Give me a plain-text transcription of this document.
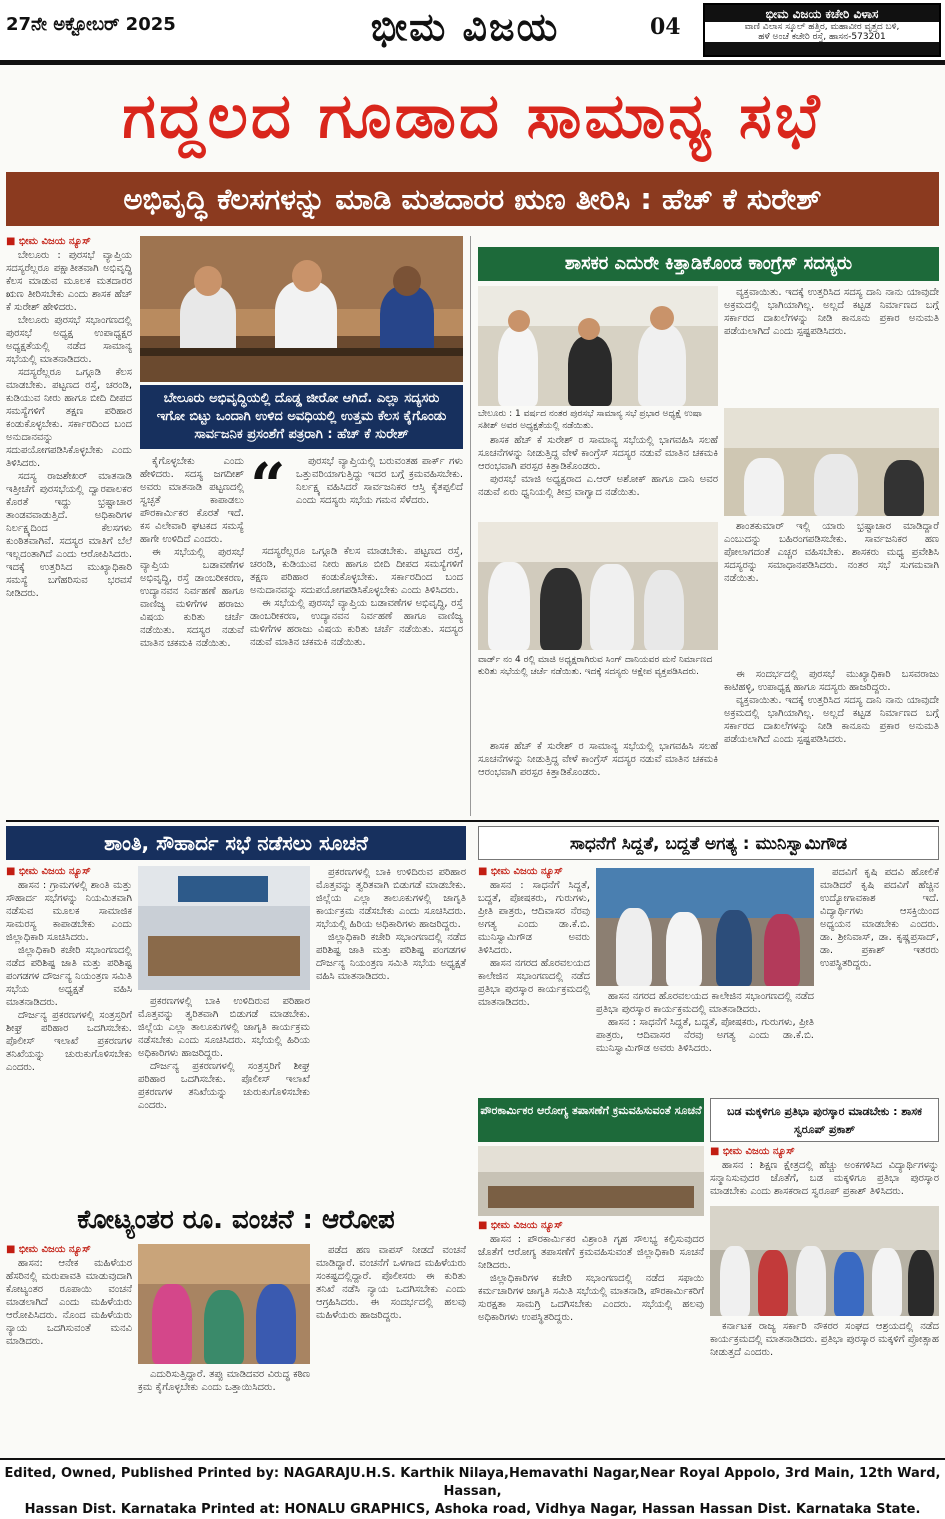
27ನೇ ಅಕ್ಟೋಬರ್ 2025	ಭೀಮ ವಿಜಯ	04	ಭೀಮ ವಿಜಯ ಕಚೇರಿ ವಿಳಾಸ
ವಾಣಿ ವಿಲಾಸ ಸ್ಕೂಲ್ ಹತ್ತಿರ, ಮಹಾವೀರ ವೃತ್ತದ ಬಳಿ,
ಹಳೆ ಅಂಚೆ ಕಚೇರಿ ರಸ್ತೆ, ಹಾಸನ-573201
ಗದ್ದಲದ ಗೂಡಾದ ಸಾಮಾನ್ಯ ಸಭೆ
ಅಭಿವೃದ್ಧಿ ಕೆಲಸಗಳನ್ನು ಮಾಡಿ ಮತದಾರರ ಋಣ ತೀರಿಸಿ : ಹೆಚ್ ಕೆ ಸುರೇಶ್
■ ಭೀಮ ವಿಜಯ ನ್ಯೂಸ್

ಬೇಲೂರು : ಪುರಸಭೆ ವ್ಯಾಪ್ತಿಯ ಸದಸ್ಯರೆಲ್ಲರೂ ಪಕ್ಷಾತೀತವಾಗಿ ಅಭಿವೃದ್ಧಿ ಕೆಲಸ ಮಾಡುವ ಮೂಲಕ ಮತದಾರರ ಋಣ ತೀರಿಸಬೇಕು ಎಂದು ಶಾಸಕ ಹೆಚ್ ಕೆ ಸುರೇಶ್ ಹೇಳಿದರು.

ಬೇಲೂರು ಪುರಸಭೆ ಸಭಾಂಗಣದಲ್ಲಿ ಪುರಸಭೆ ಅಧ್ಯಕ್ಷ ಉಪಾಧ್ಯಕ್ಷರ ಅಧ್ಯಕ್ಷತೆಯಲ್ಲಿ ನಡೆದ ಸಾಮಾನ್ಯ ಸಭೆಯಲ್ಲಿ ಮಾತನಾಡಿದರು.

ಸದಸ್ಯರೆಲ್ಲರೂ ಒಗ್ಗೂಡಿ ಕೆಲಸ ಮಾಡಬೇಕು. ಪಟ್ಟಣದ ರಸ್ತೆ, ಚರಂಡಿ, ಕುಡಿಯುವ ನೀರು ಹಾಗೂ ಬೀದಿ ದೀಪದ ಸಮಸ್ಯೆಗಳಿಗೆ ತಕ್ಷಣ ಪರಿಹಾರ ಕಂಡುಕೊಳ್ಳಬೇಕು. ಸರ್ಕಾರದಿಂದ ಬಂದ ಅನುದಾನವನ್ನು ಸದುಪಯೋಗಪಡಿಸಿಕೊಳ್ಳಬೇಕು ಎಂದು ತಿಳಿಸಿದರು.

ಸದಸ್ಯ ರಾಜಶೇಖರ್ ಮಾತನಾಡಿ ಇತ್ತೀಚೆಗೆ ಪುರಸಭೆಯಲ್ಲಿ ದ್ವಾರಪಾಲಕರ ಕೊರತೆ ಇದ್ದು ಭ್ರಷ್ಟಾಚಾರ ತಾಂಡವವಾಡುತ್ತಿದೆ. ಅಧಿಕಾರಿಗಳ ನಿರ್ಲಕ್ಷ್ಯದಿಂದ ಕೆಲಸಗಳು ಕುಂಠಿತವಾಗಿವೆ. ಸದಸ್ಯರ ಮಾತಿಗೆ ಬೆಲೆ ಇಲ್ಲದಂತಾಗಿದೆ ಎಂದು ಆರೋಪಿಸಿದರು. ಇದಕ್ಕೆ ಉತ್ತರಿಸಿದ ಮುಖ್ಯಾಧಿಕಾರಿ ಸಮಸ್ಯೆ ಬಗೆಹರಿಸುವ ಭರವಸೆ ನೀಡಿದರು.

ಬೇಲೂರು ಅಭಿವೃದ್ಧಿಯಲ್ಲಿ ದೊಡ್ಡ ಜೀರೋ ಆಗಿದೆ. ಎಲ್ಲಾ ಸದ್ಯಸರು ಇಗೋ ಬಿಟ್ಟು ಒಂದಾಗಿ ಉಳಿದ ಅವಧಿಯಲ್ಲಿ ಉತ್ತಮ ಕೆಲಸ ಕೈಗೊಂಡು ಸಾರ್ವಜನಿಕ ಪ್ರಸಂಶೆಗೆ ಪತ್ರರಾಗಿ : ಹೆಚ್ ಕೆ ಸುರೇಶ್
“	ಪುರಸಭೆ ವ್ಯಾಪ್ತಿಯಲ್ಲಿ ಬರುವಂತಹ ಪಾರ್ಕ್ ಗಳು ಒತ್ತುವರಿಯಾಗುತ್ತಿದ್ದು ಇದರ ಬಗ್ಗೆ ಕ್ರಮವಹಿಸಬೇಕು. ನಿರ್ಲಕ್ಷ್ಯ ವಹಿಸಿದರೆ ಸಾರ್ವಜನಿಕರ ಆಸ್ತಿ ಕೈತಪ್ಪಲಿದೆ ಎಂದು ಸದಸ್ಯರು ಸಭೆಯ ಗಮನ ಸೆಳೆದರು.

ಕೈಗೊಳ್ಳಬೇಕು ಎಂದು ಹೇಳಿದರು. ಸದಸ್ಯ ಜಗದೀಶ್ ಅವರು ಮಾತನಾಡಿ ಪಟ್ಟಣದಲ್ಲಿ ಸ್ವಚ್ಛತೆ ಕಾಪಾಡಲು ಪೌರಕಾರ್ಮಿಕರ ಕೊರತೆ ಇದೆ. ಕಸ ವಿಲೇವಾರಿ ಘಟಕದ ಸಮಸ್ಯೆ ಹಾಗೇ ಉಳಿದಿದೆ ಎಂದರು.

ಈ ಸಭೆಯಲ್ಲಿ ಪುರಸಭೆ ವ್ಯಾಪ್ತಿಯ ಬಡಾವಣೆಗಳ ಅಭಿವೃದ್ಧಿ, ರಸ್ತೆ ಡಾಂಬರೀಕರಣ, ಉದ್ಯಾನವನ ನಿರ್ವಹಣೆ ಹಾಗೂ ವಾಣಿಜ್ಯ ಮಳಿಗೆಗಳ ಹರಾಜು ವಿಷಯ ಕುರಿತು ಚರ್ಚೆ ನಡೆಯಿತು. ಸದಸ್ಯರ ನಡುವೆ ಮಾತಿನ ಚಕಮಕಿ ನಡೆಯಿತು.

ಸದಸ್ಯರೆಲ್ಲರೂ ಒಗ್ಗೂಡಿ ಕೆಲಸ ಮಾಡಬೇಕು. ಪಟ್ಟಣದ ರಸ್ತೆ, ಚರಂಡಿ, ಕುಡಿಯುವ ನೀರು ಹಾಗೂ ಬೀದಿ ದೀಪದ ಸಮಸ್ಯೆಗಳಿಗೆ ತಕ್ಷಣ ಪರಿಹಾರ ಕಂಡುಕೊಳ್ಳಬೇಕು. ಸರ್ಕಾರದಿಂದ ಬಂದ ಅನುದಾನವನ್ನು ಸದುಪಯೋಗಪಡಿಸಿಕೊಳ್ಳಬೇಕು ಎಂದು ತಿಳಿಸಿದರು.

ಈ ಸಭೆಯಲ್ಲಿ ಪುರಸಭೆ ವ್ಯಾಪ್ತಿಯ ಬಡಾವಣೆಗಳ ಅಭಿವೃದ್ಧಿ, ರಸ್ತೆ ಡಾಂಬರೀಕರಣ, ಉದ್ಯಾನವನ ನಿರ್ವಹಣೆ ಹಾಗೂ ವಾಣಿಜ್ಯ ಮಳಿಗೆಗಳ ಹರಾಜು ವಿಷಯ ಕುರಿತು ಚರ್ಚೆ ನಡೆಯಿತು. ಸದಸ್ಯರ ನಡುವೆ ಮಾತಿನ ಚಕಮಕಿ ನಡೆಯಿತು.

ಶಾಸಕರ ಎದುರೇ ಕಿತ್ತಾಡಿಕೊಂಡ ಕಾಂಗ್ರೆಸ್ ಸದಸ್ಯರು

ವ್ಯಕ್ತವಾಯಿತು. ಇದಕ್ಕೆ ಉತ್ತರಿಸಿದ ಸದಸ್ಯ ದಾನಿ ನಾನು ಯಾವುದೇ ಅಕ್ರಮದಲ್ಲಿ ಭಾಗಿಯಾಗಿಲ್ಲ. ಅಲ್ಲದೆ ಕಟ್ಟಡ ನಿರ್ಮಾಣದ ಬಗ್ಗೆ ಸರ್ಕಾರದ ದಾಖಲೆಗಳನ್ನು ನೀಡಿ ಕಾನೂನು ಪ್ರಕಾರ ಅನುಮತಿ ಪಡೆಯಲಾಗಿದೆ ಎಂದು ಸ್ಪಷ್ಟಪಡಿಸಿದರು.

ಬೇಲೂರು : 1 ವರ್ಷದ ನಂತರ ಪುರಸಭೆ ಸಾಮಾನ್ಯ ಸಭೆ ಪ್ರಭಾರ ಅಧ್ಯಕ್ಷೆ ಉಷಾ ಸತೀಶ್ ಅವರ ಅಧ್ಯಕ್ಷತೆಯಲ್ಲಿ ನಡೆಯಿತು.

ಶಾಸಕ ಹೆಚ್ ಕೆ ಸುರೇಶ್ ರ ಸಾಮಾನ್ಯ ಸಭೆಯಲ್ಲಿ ಭಾಗವಹಿಸಿ ಸಲಹೆ ಸೂಚನೆಗಳನ್ನು ನೀಡುತ್ತಿದ್ದ ವೇಳೆ ಕಾಂಗ್ರೆಸ್ ಸದಸ್ಯರ ನಡುವೆ ಮಾತಿನ ಚಕಮಕಿ ಆರಂಭವಾಗಿ ಪರಸ್ಪರ ಕಿತ್ತಾಡಿಕೊಂಡರು.

ಪುರಸಭೆ ಮಾಜಿ ಅಧ್ಯಕ್ಷರಾದ ಎ.ಆರ್ ಅಶೋಕ್ ಹಾಗೂ ದಾನಿ ಅವರ ನಡುವೆ ಏರು ಧ್ವನಿಯಲ್ಲಿ ತೀವ್ರ ವಾಗ್ವಾದ ನಡೆಯಿತು.

ಶಾಂತಕುಮಾರ್ ಇಲ್ಲಿ ಯಾರು ಭ್ರಷ್ಟಾಚಾರ ಮಾಡಿದ್ದಾರೆ ಎಂಬುದನ್ನು ಬಹಿರಂಗಪಡಿಸಬೇಕು. ಸಾರ್ವಜನಿಕರ ಹಣ ಪೋಲಾಗದಂತೆ ಎಚ್ಚರ ವಹಿಸಬೇಕು. ಶಾಸಕರು ಮಧ್ಯ ಪ್ರವೇಶಿಸಿ ಸದಸ್ಯರನ್ನು ಸಮಾಧಾನಪಡಿಸಿದರು. ನಂತರ ಸಭೆ ಸುಗಮವಾಗಿ ನಡೆಯಿತು.

ವಾರ್ಡ್ ನಂ 4 ರಲ್ಲಿ ಮಾಜಿ ಅಧ್ಯಕ್ಷರಾಗಿರುವ ಸಿಂಗ್ ದಾನಿಯವರ ಮನೆ ನಿರ್ಮಾಣದ ಕುರಿತು ಸಭೆಯಲ್ಲಿ ಚರ್ಚೆ ನಡೆಯಿತು. ಇದಕ್ಕೆ ಸದಸ್ಯರು ಆಕ್ಷೇಪ ವ್ಯಕ್ತಪಡಿಸಿದರು.

ಶಾಸಕ ಹೆಚ್ ಕೆ ಸುರೇಶ್ ರ ಸಾಮಾನ್ಯ ಸಭೆಯಲ್ಲಿ ಭಾಗವಹಿಸಿ ಸಲಹೆ ಸೂಚನೆಗಳನ್ನು ನೀಡುತ್ತಿದ್ದ ವೇಳೆ ಕಾಂಗ್ರೆಸ್ ಸದಸ್ಯರ ನಡುವೆ ಮಾತಿನ ಚಕಮಕಿ ಆರಂಭವಾಗಿ ಪರಸ್ಪರ ಕಿತ್ತಾಡಿಕೊಂಡರು.

ಈ ಸಂದರ್ಭದಲ್ಲಿ ಪುರಸಭೆ ಮುಖ್ಯಾಧಿಕಾರಿ ಬಸವರಾಜು ಕಾಟಿಹಳ್ಳಿ, ಉಪಾಧ್ಯಕ್ಷ ಹಾಗೂ ಸದಸ್ಯರು ಹಾಜರಿದ್ದರು.

ವ್ಯಕ್ತವಾಯಿತು. ಇದಕ್ಕೆ ಉತ್ತರಿಸಿದ ಸದಸ್ಯ ದಾನಿ ನಾನು ಯಾವುದೇ ಅಕ್ರಮದಲ್ಲಿ ಭಾಗಿಯಾಗಿಲ್ಲ. ಅಲ್ಲದೆ ಕಟ್ಟಡ ನಿರ್ಮಾಣದ ಬಗ್ಗೆ ಸರ್ಕಾರದ ದಾಖಲೆಗಳನ್ನು ನೀಡಿ ಕಾನೂನು ಪ್ರಕಾರ ಅನುಮತಿ ಪಡೆಯಲಾಗಿದೆ ಎಂದು ಸ್ಪಷ್ಟಪಡಿಸಿದರು.

ಶಾಂತಿ, ಸೌಹಾರ್ದ ಸಭೆ ನಡೆಸಲು ಸೂಚನೆ
■ ಭೀಮ ವಿಜಯ ನ್ಯೂಸ್

ಹಾಸನ : ಗ್ರಾಮಗಳಲ್ಲಿ ಶಾಂತಿ ಮತ್ತು ಸೌಹಾರ್ದ ಸಭೆಗಳನ್ನು ನಿಯಮಿತವಾಗಿ ನಡೆಸುವ ಮೂಲಕ ಸಾಮಾಜಿಕ ಸಾಮರಸ್ಯ ಕಾಪಾಡಬೇಕು ಎಂದು ಜಿಲ್ಲಾಧಿಕಾರಿ ಸೂಚಿಸಿದರು.

ಜಿಲ್ಲಾಧಿಕಾರಿ ಕಚೇರಿ ಸಭಾಂಗಣದಲ್ಲಿ ನಡೆದ ಪರಿಶಿಷ್ಟ ಜಾತಿ ಮತ್ತು ಪರಿಶಿಷ್ಟ ಪಂಗಡಗಳ ದೌರ್ಜನ್ಯ ನಿಯಂತ್ರಣ ಸಮಿತಿ ಸಭೆಯ ಅಧ್ಯಕ್ಷತೆ ವಹಿಸಿ ಮಾತನಾಡಿದರು.

ದೌರ್ಜನ್ಯ ಪ್ರಕರಣಗಳಲ್ಲಿ ಸಂತ್ರಸ್ತರಿಗೆ ಶೀಘ್ರ ಪರಿಹಾರ ಒದಗಿಸಬೇಕು. ಪೊಲೀಸ್ ಇಲಾಖೆ ಪ್ರಕರಣಗಳ ತನಿಖೆಯನ್ನು ಚುರುಕುಗೊಳಿಸಬೇಕು ಎಂದರು.

ಪ್ರಕರಣಗಳಲ್ಲಿ ಬಾಕಿ ಉಳಿದಿರುವ ಪರಿಹಾರ ಮೊತ್ತವನ್ನು ತ್ವರಿತವಾಗಿ ಬಿಡುಗಡೆ ಮಾಡಬೇಕು. ಜಿಲ್ಲೆಯ ಎಲ್ಲಾ ತಾಲೂಕುಗಳಲ್ಲಿ ಜಾಗೃತಿ ಕಾರ್ಯಕ್ರಮ ನಡೆಸಬೇಕು ಎಂದು ಸೂಚಿಸಿದರು. ಸಭೆಯಲ್ಲಿ ಹಿರಿಯ ಅಧಿಕಾರಿಗಳು ಹಾಜರಿದ್ದರು.

ಜಿಲ್ಲಾಧಿಕಾರಿ ಕಚೇರಿ ಸಭಾಂಗಣದಲ್ಲಿ ನಡೆದ ಪರಿಶಿಷ್ಟ ಜಾತಿ ಮತ್ತು ಪರಿಶಿಷ್ಟ ಪಂಗಡಗಳ ದೌರ್ಜನ್ಯ ನಿಯಂತ್ರಣ ಸಮಿತಿ ಸಭೆಯ ಅಧ್ಯಕ್ಷತೆ ವಹಿಸಿ ಮಾತನಾಡಿದರು.

ಪ್ರಕರಣಗಳಲ್ಲಿ ಬಾಕಿ ಉಳಿದಿರುವ ಪರಿಹಾರ ಮೊತ್ತವನ್ನು ತ್ವರಿತವಾಗಿ ಬಿಡುಗಡೆ ಮಾಡಬೇಕು. ಜಿಲ್ಲೆಯ ಎಲ್ಲಾ ತಾಲೂಕುಗಳಲ್ಲಿ ಜಾಗೃತಿ ಕಾರ್ಯಕ್ರಮ ನಡೆಸಬೇಕು ಎಂದು ಸೂಚಿಸಿದರು. ಸಭೆಯಲ್ಲಿ ಹಿರಿಯ ಅಧಿಕಾರಿಗಳು ಹಾಜರಿದ್ದರು.

ದೌರ್ಜನ್ಯ ಪ್ರಕರಣಗಳಲ್ಲಿ ಸಂತ್ರಸ್ತರಿಗೆ ಶೀಘ್ರ ಪರಿಹಾರ ಒದಗಿಸಬೇಕು. ಪೊಲೀಸ್ ಇಲಾಖೆ ಪ್ರಕರಣಗಳ ತನಿಖೆಯನ್ನು ಚುರುಕುಗೊಳಿಸಬೇಕು ಎಂದರು.

ಸಾಧನೆಗೆ ಸಿದ್ದತೆ, ಬದ್ದತೆ ಅಗತ್ಯ : ಮುನಿಸ್ವಾಮಿಗೌಡ
■ ಭೀಮ ವಿಜಯ ನ್ಯೂಸ್

ಹಾಸನ : ಸಾಧನೆಗೆ ಸಿದ್ದತೆ, ಬದ್ದತೆ, ಪೋಷಕರು, ಗುರುಗಳು, ಪ್ರೀತಿ ಪಾತ್ರರು, ಆದಿವಾಸರ ನೆರವು ಅಗತ್ಯ ಎಂದು ಡಾ.ಕೆ.ಬಿ. ಮುನಿಸ್ವಾಮಿಗೌಡ ಅವರು ತಿಳಿಸಿದರು.

ಹಾಸನ ನಗರದ ಹೊರವಲಯದ ಕಾಲೇಜಿನ ಸಭಾಂಗಣದಲ್ಲಿ ನಡೆದ ಪ್ರತಿಭಾ ಪುರಸ್ಕಾರ ಕಾರ್ಯಕ್ರಮದಲ್ಲಿ ಮಾತನಾಡಿದರು.

ಪದವಿಗೆ ಕೃಷಿ ಪದವಿ ಹೋಲಿಕೆ ಮಾಡಿದರೆ ಕೃಷಿ ಪದವಿಗೆ ಹೆಚ್ಚಿನ ಉದ್ಯೋಗಾವಕಾಶ ಇದೆ. ವಿದ್ಯಾರ್ಥಿಗಳು ಆಸಕ್ತಿಯಿಂದ ಅಧ್ಯಯನ ಮಾಡಬೇಕು ಎಂದರು. ಡಾ. ಶ್ರೀನಿವಾಸ್, ಡಾ. ಕೃಷ್ಣಪ್ರಸಾದ್, ಡಾ. ಪ್ರಕಾಶ್ ಇತರರು ಉಪಸ್ಥಿತರಿದ್ದರು.

ಹಾಸನ ನಗರದ ಹೊರವಲಯದ ಕಾಲೇಜಿನ ಸಭಾಂಗಣದಲ್ಲಿ ನಡೆದ ಪ್ರತಿಭಾ ಪುರಸ್ಕಾರ ಕಾರ್ಯಕ್ರಮದಲ್ಲಿ ಮಾತನಾಡಿದರು.

ಹಾಸನ : ಸಾಧನೆಗೆ ಸಿದ್ದತೆ, ಬದ್ದತೆ, ಪೋಷಕರು, ಗುರುಗಳು, ಪ್ರೀತಿ ಪಾತ್ರರು, ಆದಿವಾಸರ ನೆರವು ಅಗತ್ಯ ಎಂದು ಡಾ.ಕೆ.ಬಿ. ಮುನಿಸ್ವಾಮಿಗೌಡ ಅವರು ತಿಳಿಸಿದರು.

ಪೌರಕಾರ್ಮಿಕರ ಆರೋಗ್ಯ ತಪಾಸಣೆಗೆ ಕ್ರಮವಹಿಸುವಂತೆ ಸೂಚನೆ
■ ಭೀಮ ವಿಜಯ ನ್ಯೂಸ್

ಹಾಸನ : ಪೌರಕಾರ್ಮಿಕರ ವಿಶ್ರಾಂತಿ ಗೃಹ ಸೌಲಭ್ಯ ಕಲ್ಪಿಸುವುದರ ಜೊತೆಗೆ ಆರೋಗ್ಯ ತಪಾಸಣೆಗೆ ಕ್ರಮವಹಿಸುವಂತೆ ಜಿಲ್ಲಾಧಿಕಾರಿ ಸೂಚನೆ ನೀಡಿದರು.

ಜಿಲ್ಲಾಧಿಕಾರಿಗಳ ಕಚೇರಿ ಸಭಾಂಗಣದಲ್ಲಿ ನಡೆದ ಸಫಾಯಿ ಕರ್ಮಚಾರಿಗಳ ಜಾಗೃತಿ ಸಮಿತಿ ಸಭೆಯಲ್ಲಿ ಮಾತನಾಡಿ, ಪೌರಕಾರ್ಮಿಕರಿಗೆ ಸುರಕ್ಷತಾ ಸಾಮಗ್ರಿ ಒದಗಿಸಬೇಕು ಎಂದರು. ಸಭೆಯಲ್ಲಿ ಹಲವು ಅಧಿಕಾರಿಗಳು ಉಪಸ್ಥಿತರಿದ್ದರು.

ಬಡ ಮಕ್ಕಳಿಗೂ ಪ್ರತಿಭಾ ಪುರಸ್ಕಾರ ಮಾಡಬೇಕು : ಶಾಸಕ ಸ್ವರೂಪ್ ಪ್ರಕಾಶ್
■ ಭೀಮ ವಿಜಯ ನ್ಯೂಸ್

ಹಾಸನ : ಶಿಕ್ಷಣ ಕ್ಷೇತ್ರದಲ್ಲಿ ಹೆಚ್ಚು ಅಂಕಗಳಿಸಿದ ವಿದ್ಯಾರ್ಥಿಗಳನ್ನು ಸನ್ಮಾನಿಸುವುದರ ಜೊತೆಗೆ, ಬಡ ಮಕ್ಕಳಿಗೂ ಪ್ರತಿಭಾ ಪುರಸ್ಕಾರ ಮಾಡಬೇಕು ಎಂದು ಶಾಸಕರಾದ ಸ್ವರೂಪ್ ಪ್ರಕಾಶ್ ತಿಳಿಸಿದರು.

ಕರ್ನಾಟಕ ರಾಜ್ಯ ಸರ್ಕಾರಿ ನೌಕರರ ಸಂಘದ ಆಶ್ರಯದಲ್ಲಿ ನಡೆದ ಕಾರ್ಯಕ್ರಮದಲ್ಲಿ ಮಾತನಾಡಿದರು. ಪ್ರತಿಭಾ ಪುರಸ್ಕಾರ ಮಕ್ಕಳಿಗೆ ಪ್ರೋತ್ಸಾಹ ನೀಡುತ್ತದೆ ಎಂದರು.

ಕೋಟ್ಯಂತರ ರೂ. ವಂಚನೆ : ಆರೋಪ
■ ಭೀಮ ವಿಜಯ ನ್ಯೂಸ್

ಹಾಸನ: ಆನೇಕ ಮಹಿಳೆಯರ ಹೆಸರಿನಲ್ಲಿ ಮರುಪಾವತಿ ಮಾಡುವುದಾಗಿ ಕೋಟ್ಯಂತರ ರೂಪಾಯಿ ವಂಚನೆ ಮಾಡಲಾಗಿದೆ ಎಂದು ಮಹಿಳೆಯರು ಆರೋಪಿಸಿದರು. ನೊಂದ ಮಹಿಳೆಯರು ನ್ಯಾಯ ಒದಗಿಸುವಂತೆ ಮನವಿ ಮಾಡಿದರು.

ಎದುರಿಸುತ್ತಿದ್ದಾರೆ. ತಪ್ಪು ಮಾಡಿದವರ ವಿರುದ್ಧ ಕಠಿಣ ಕ್ರಮ ಕೈಗೊಳ್ಳಬೇಕು ಎಂದು ಒತ್ತಾಯಿಸಿದರು.

ಪಡೆದ ಹಣ ವಾಪಸ್ ನೀಡದೆ ವಂಚನೆ ಮಾಡಿದ್ದಾರೆ. ವಂಚನೆಗೆ ಒಳಗಾದ ಮಹಿಳೆಯರು ಸಂಕಷ್ಟದಲ್ಲಿದ್ದಾರೆ. ಪೊಲೀಸರು ಈ ಕುರಿತು ತನಿಖೆ ನಡೆಸಿ ನ್ಯಾಯ ಒದಗಿಸಬೇಕು ಎಂದು ಆಗ್ರಹಿಸಿದರು. ಈ ಸಂದರ್ಭದಲ್ಲಿ ಹಲವು ಮಹಿಳೆಯರು ಹಾಜರಿದ್ದರು.

Edited, Owned, Published Printed by: NAGARAJU.H.S. Karthik Nilaya,Hemavathi Nagar,Near Royal Appolo, 3rd Main, 12th Ward, Hassan,
Hassan Dist. Karnataka Printed at: HONALU GRAPHICS, Ashoka road, Vidhya Nagar, Hassan Hassan Dist. Karnataka State.
